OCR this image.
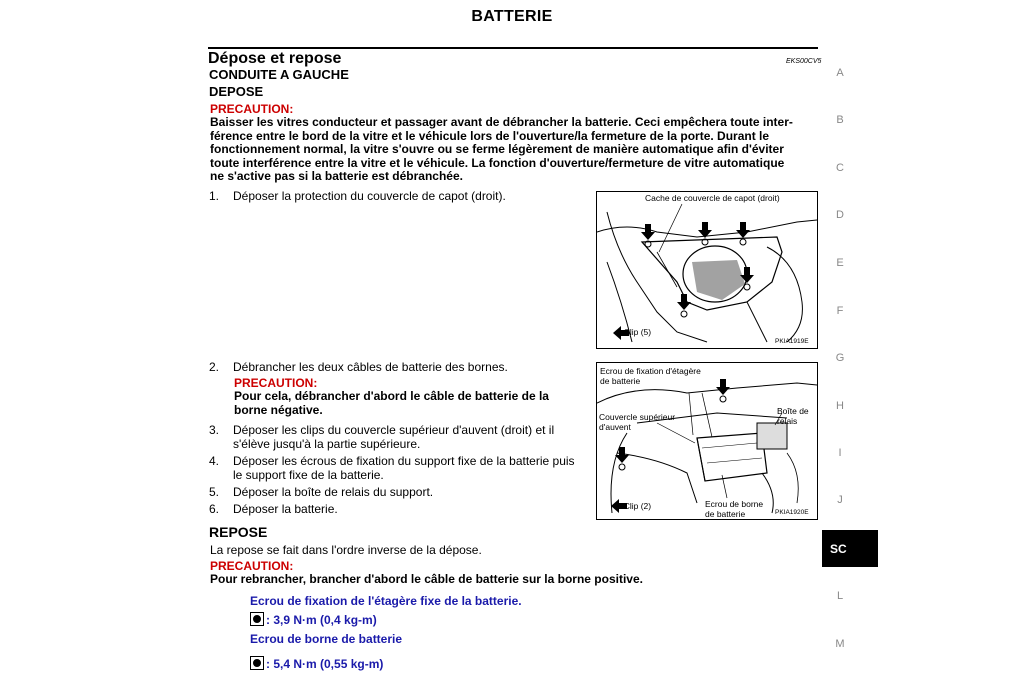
BATTERIE
Dépose et repose	EKS00CV5
CONDUITE A GAUCHE
DEPOSE
PRECAUTION:
Baisser les vitres conducteur et passager avant de débrancher la batterie. Ceci empêchera toute inter-
férence entre le bord de la vitre et le véhicule lors de l'ouverture/la fermeture de la porte. Durant le
fonctionnement normal, la vitre s'ouvre ou se ferme légèrement de manière automatique afin d'éviter
toute interférence entre la vitre et le véhicule. La fonction d'ouverture/fermeture de vitre automatique
ne s'active pas si la batterie est débranchée.
1. Déposer la protection du couvercle de capot (droit).	Cache de couvercle de capot (droit)
: Clip (5)
PKIA1919E
2. Débrancher les deux câbles de batterie des bornes.
PRECAUTION:
Pour cela, débrancher d'abord le câble de batterie de la
borne négative.
3. Déposer les clips du couvercle supérieur d'auvent (droit) et il
s'élève jusqu'à la partie supérieure.
4. Déposer les écrous de fixation du support fixe de la batterie puis
le support fixe de la batterie.
5. Déposer la boîte de relais du support.
6. Déposer la batterie.
Ecrou de fixation d'étagère
de batterie
Couvercle supérieur
d'auvent
Boîte de
relais
Ecrou de borne
de batterie
: Clip (2)
PKIA1920E
REPOSE
La repose se fait dans l'ordre inverse de la dépose.
PRECAUTION:
Pour rebrancher, brancher d'abord le câble de batterie sur la borne positive.
Ecrou de fixation de l'étagère fixe de la batterie.
: 3,9 N·m (0,4 kg-m)
Ecrou de borne de batterie
: 5,4 N·m (0,55 kg-m)
A
B
C
D
E
F
G
H
I
J
SC
L
M
